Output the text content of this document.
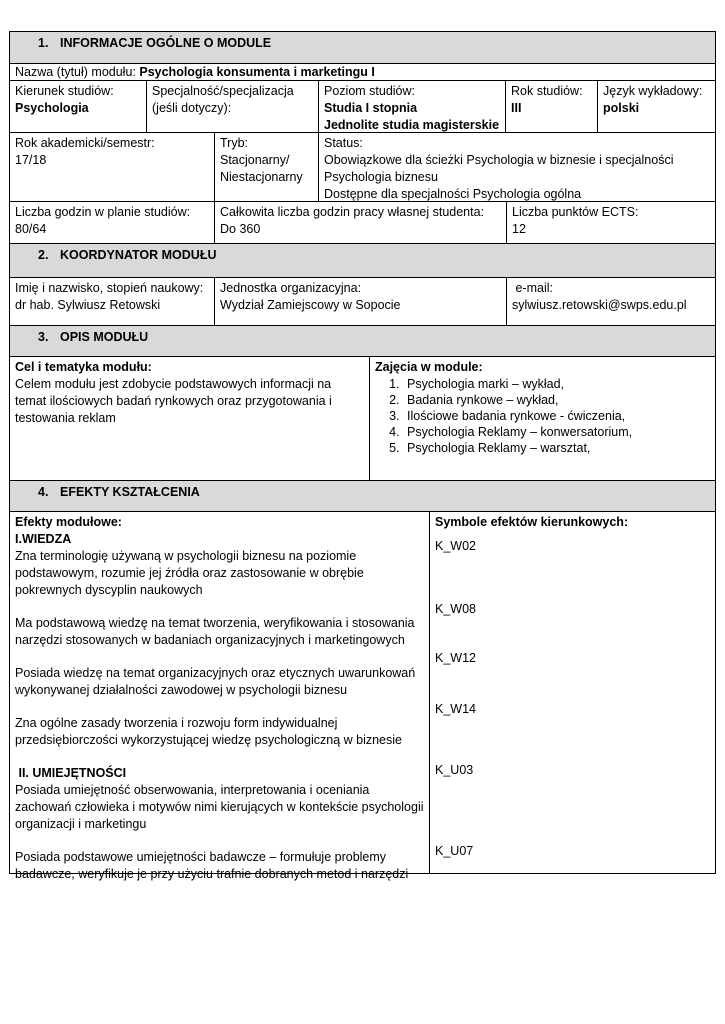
1. INFORMACJE OGÓLNE O MODULE
Nazwa (tytuł) modułu: Psychologia konsumenta i marketingu I
Kierunek studiów:
Psychologia
Specjalność/specjalizacja
(jeśli dotyczy):
Poziom studiów:
Studia I stopnia
Jednolite studia magisterskie
Rok studiów:
III
Język wykładowy:
polski
Rok akademicki/semestr:
17/18
Tryb:
Stacjonarny/
Niestacjonarny
Status:
Obowiązkowe dla ścieżki Psychologia w biznesie i specjalności
Psychologia biznesu
Dostępne dla specjalności Psychologia ogólna
Liczba godzin w planie studiów:
80/64
Całkowita liczba godzin pracy własnej studenta:
Do 360
Liczba punktów ECTS:
12
2. KOORDYNATOR MODUŁU
Imię i nazwisko, stopień naukowy:
dr hab. Sylwiusz Retowski
Jednostka organizacyjna:
Wydział Zamiejscowy w Sopocie
e-mail:
sylwiusz.retowski@swps.edu.pl
3. OPIS MODUŁU
Cel i tematyka modułu:
Celem modułu jest zdobycie podstawowych informacji na
temat ilościowych badań rynkowych oraz przygotowania i
testowania reklam
Zajęcia w module:
1. Psychologia marki – wykład,
2. Badania rynkowe – wykład,
3. Ilościowe badania rynkowe - ćwiczenia,
4. Psychologia Reklamy – konwersatorium,
5. Psychologia Reklamy – warsztat,
4. EFEKTY KSZTAŁCENIA
Efekty modułowe:
I.WIEDZA
Zna terminologię używaną w psychologii biznesu na poziomie
podstawowym, rozumie jej źródła oraz zastosowanie w obrębie
pokrewnych dyscyplin naukowych
Ma podstawową wiedzę na temat tworzenia, weryfikowania i stosowania
narzędzi stosowanych w badaniach organizacyjnych i marketingowych
Posiada wiedzę na temat organizacyjnych oraz etycznych uwarunkowań
wykonywanej działalności zawodowej w psychologii biznesu
Zna ogólne zasady tworzenia i rozwoju form indywidualnej
przedsiębiorczości wykorzystującej wiedzę psychologiczną w biznesie
II. UMIEJĘTNOŚCI
Posiada umiejętność obserwowania, interpretowania i oceniania
zachowań człowieka i motywów nimi kierujących w kontekście psychologii
organizacji i marketingu
Posiada podstawowe umiejętności badawcze – formułuje problemy
badawcze, weryfikuje je przy użyciu trafnie dobranych metod i narzędzi
Symbole efektów kierunkowych:
K_W02
K_W08
K_W12
K_W14
K_U03
K_U07
